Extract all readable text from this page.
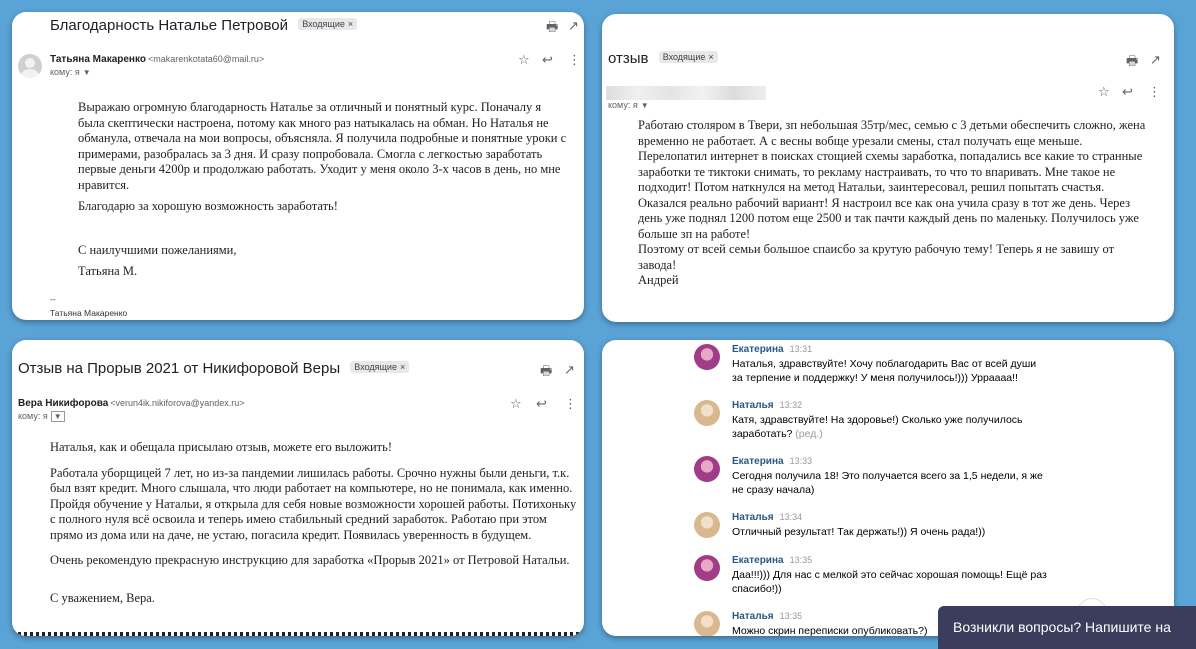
Благодарность Наталье Петровой Входящие ×	🖶 ↗
Татьяна Макаренко <makarenkotata60@mail.ru>
кому: я ▼
☆ ↩ ⋮

Выражаю огромную благодарность Наталье за отличный и понятный курс. Поначалу я была скептически настроена, потому как много раз натыкалась на обман. Но Наталья не обманула, отвечала на мои вопросы, объясняла. Я получила подробные и понятные уроки с примерами, разобралась за 3 дня. И сразу попробовала. Смогла с легкостью заработать первые деньги 4200р и продолжаю работать. Уходит у меня около 3-х часов в день, но мне нравится.

Благодарю за хорошую возможность заработать!

С наилучшими пожеланиями,

Татьяна М.

--
Татьяна Макаренко
отзыв Входящие ×	🖶 ↗
кому: я ▼
☆ ↩ ⋮

Работаю столяром в Твери, зп небольшая 35тр/мес, семью с 3 детьми обеспечить сложно, жена временно не работает. А с весны вобще урезали смены, стал получать еще меньше. Перелопатил интернет в поисках стощией схемы заработка, попадались все какие то странные заработки те тиктоки снимать, то рекламу настраивать, то что то впаривать. Мне такое не подходит! Потом наткнулся на метод Натальи, заинтересовал, решил попытать счастья. Оказался реально рабочий вариант! Я настроил все как она учила сразу в тот же день. Через день уже поднял 1200 потом еще 2500 и так пачти каждый день по маленьку. Получилось уже больше зп на работе!

Поэтому от всей семьи большое спаисбо за крутую рабочую тему! Теперь я не завишу от завода!

Андрей

Отзыв на Прорыв 2021 от Никифоровой Веры Входящие ×	🖶 ↗
Вера Никифорова <verun4ik.nikiforova@yandex.ru>
кому: я ▼
☆ ↩ ⋮

Наталья, как и обещала присылаю отзыв, можете его выложить!

Работала уборщицей 7 лет, но из-за пандемии лишилась работы. Срочно нужны были деньги, т.к. был взят кредит. Много слышала, что люди работает на компьютере, но не понимала, как именно. Пройдя обучение у Натальи, я открыла для себя новые возможности хорошей работы. Потихоньку с полного нуля всё освоила и теперь имею стабильный средний заработок. Работаю при этом прямо из дома или на даче, не устаю, погасила кредит. Появилась уверенность в будущем.

Очень рекомендую прекрасную инструкцию для заработка «Прорыв 2021» от Петровой Натальи.

С уважением, Вера.

Екатерина 13:31
Наталья, здравствуйте! Хочу поблагодарить Вас от всей души за терпение и поддержку! У меня получилось!))) Урраааа!!
Наталья 13:32
Катя, здравствуйте! На здоровье!) Сколько уже получилось заработать? (ред.)
Екатерина 13:33
Сегодня получила 18! Это получается всего за 1,5 недели, я же не сразу начала)
Наталья 13:34
Отличный результат! Так держать!)) Я очень рада!))
Екатерина 13:35
Даа!!!))) Для нас с мелкой это сейчас хорошая помощь! Ещё раз спасибо!))
Наталья 13:35
Можно скрин переписки опубликовать?)	Возникли вопросы? Напишите на
